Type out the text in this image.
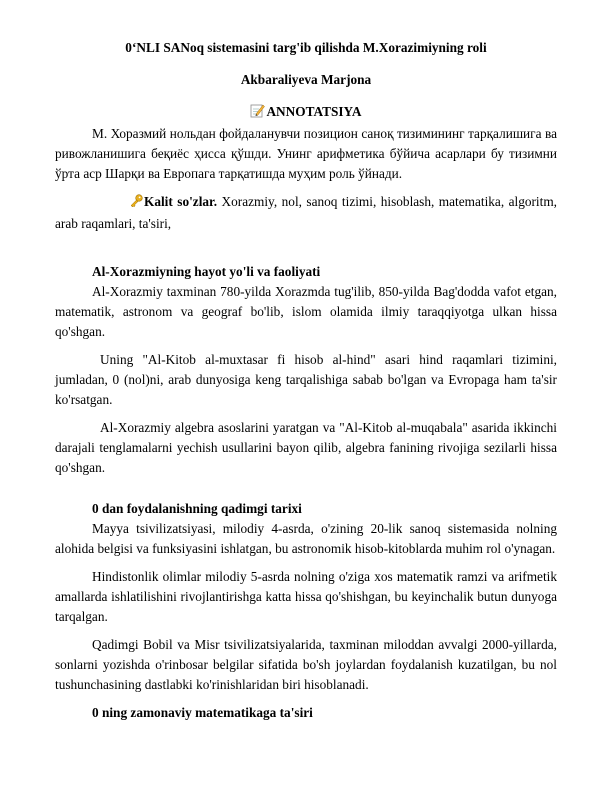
0‘NLI SANoq sistemasini targ'ib qilishda M.Xorazimiyning roli
Akbaraliyeva Marjona
ANNOTATSIYA

М. Хоразмий нольдан фойдаланувчи позицион саноқ тизимининг тарқалишига ва ривожланишига беқиёс ҳисса қўшди. Унинг арифметика бўйича асарлари бу тизимни ўрта аср Шарқи ва Европага тарқатишда муҳим роль ўйнади.

Kalit so'zlar. Xorazmiy, nol, sanoq tizimi, hisoblash, matematika, algoritm, arab raqamlari, ta'siri,

Al-Xorazmiyning hayot yo'li va faoliyati

Al-Xorazmiy taxminan 780-yilda Xorazmda tug'ilib, 850-yilda Bag'dodda vafot etgan, matematik, astronom va geograf bo'lib, islom olamida ilmiy taraqqiyotga ulkan hissa qo'shgan.

Uning "Al-Kitob al-muxtasar fi hisob al-hind" asari hind raqamlari tizimini, jumladan, 0 (nol)ni, arab dunyosiga keng tarqalishiga sabab bo'lgan va Evropaga ham ta'sir ko'rsatgan.

Al-Xorazmiy algebra asoslarini yaratgan va "Al-Kitob al-muqabala" asarida ikkinchi darajali tenglamalarni yechish usullarini bayon qilib, algebra fanining rivojiga sezilarli hissa qo'shgan.

0 dan foydalanishning qadimgi tarixi

Mayya tsivilizatsiyasi, milodiy 4-asrda, o'zining 20-lik sanoq sistemasida nolning alohida belgisi va funksiyasini ishlatgan, bu astronomik hisob-kitoblarda muhim rol o'ynagan.

Hindistonlik olimlar milodiy 5-asrda nolning o'ziga xos matematik ramzi va arifmetik amallarda ishlatilishini rivojlantirishga katta hissa qo'shishgan, bu keyinchalik butun dunyoga tarqalgan.

Qadimgi Bobil va Misr tsivilizatsiyalarida, taxminan miloddan avvalgi 2000-yillarda, sonlarni yozishda o'rinbosar belgilar sifatida bo'sh joylardan foydalanish kuzatilgan, bu nol tushunchasining dastlabki ko'rinishlaridan biri hisoblanadi.

0 ning zamonaviy matematikaga ta'siri
